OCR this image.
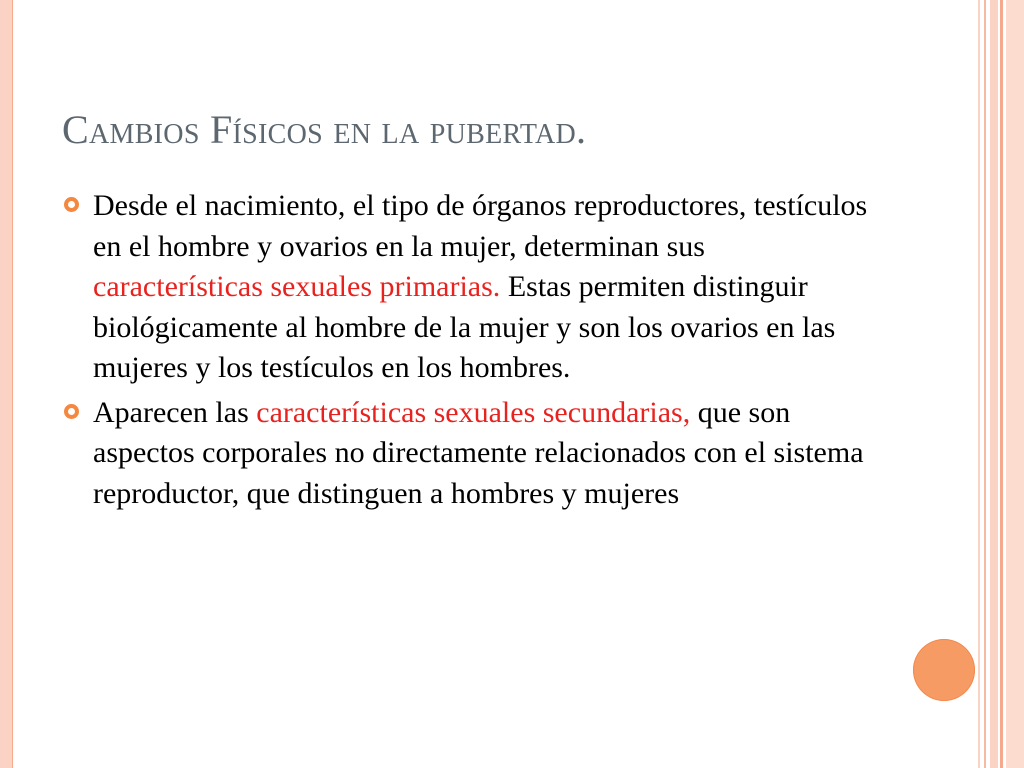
Cambios Físicos en la pubertad.
Desde el nacimiento, el tipo de órganos reproductores, testículos en el hombre y ovarios en la mujer, determinan sus características sexuales primarias. Estas permiten distinguir biológicamente al hombre de la mujer y son los ovarios en las mujeres y los testículos en los hombres.
Aparecen las características sexuales secundarias, que son aspectos corporales no directamente relacionados con el sistema reproductor, que distinguen a hombres y mujeres
